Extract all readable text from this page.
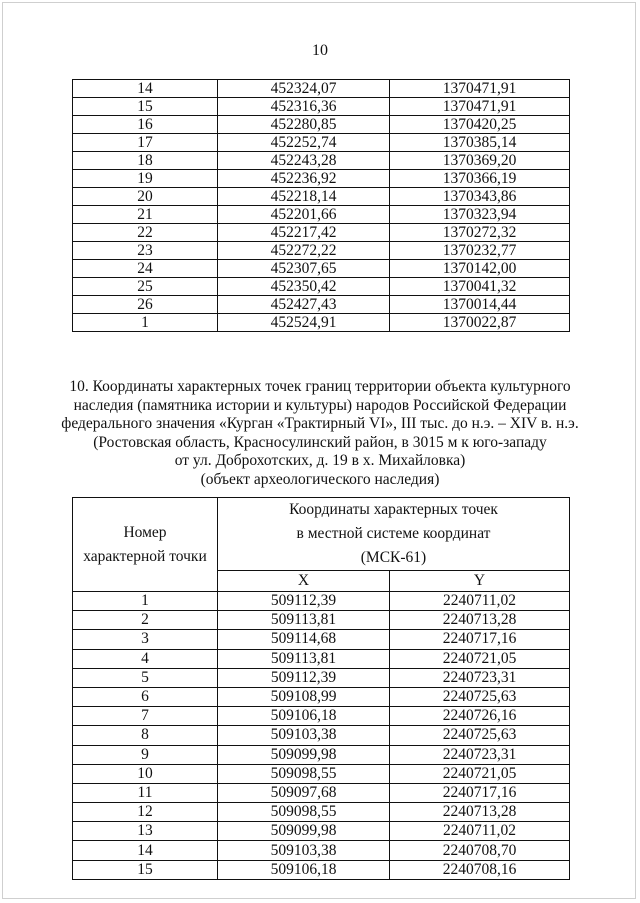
10
14	452324,07	1370471,91
15	452316,36	1370471,91
16	452280,85	1370420,25
17	452252,74	1370385,14
18	452243,28	1370369,20
19	452236,92	1370366,19
20	452218,14	1370343,86
21	452201,66	1370323,94
22	452217,42	1370272,32
23	452272,22	1370232,77
24	452307,65	1370142,00
25	452350,42	1370041,32
26	452427,43	1370014,44
1	452524,91	1370022,87
10. Координаты характерных точек границ территории объекта культурного
наследия (памятника истории и культуры) народов Российской Федерации
федерального значения «Курган «Трактирный VI», III тыс. до н.э. – XIV в. н.э.
(Ростовская область, Красносулинский район, в 3015 м к юго-западу
от ул. Доброхотских, д. 19 в х. Михайловка)
(объект археологического наследия)
Номер
характерной точки	Координаты характерных точек
в местной системе координат
(МСК-61)	
	X	Y
1	509112,39	2240711,02
2	509113,81	2240713,28
3	509114,68	2240717,16
4	509113,81	2240721,05
5	509112,39	2240723,31
6	509108,99	2240725,63
7	509106,18	2240726,16
8	509103,38	2240725,63
9	509099,98	2240723,31
10	509098,55	2240721,05
11	509097,68	2240717,16
12	509098,55	2240713,28
13	509099,98	2240711,02
14	509103,38	2240708,70
15	509106,18	2240708,16
